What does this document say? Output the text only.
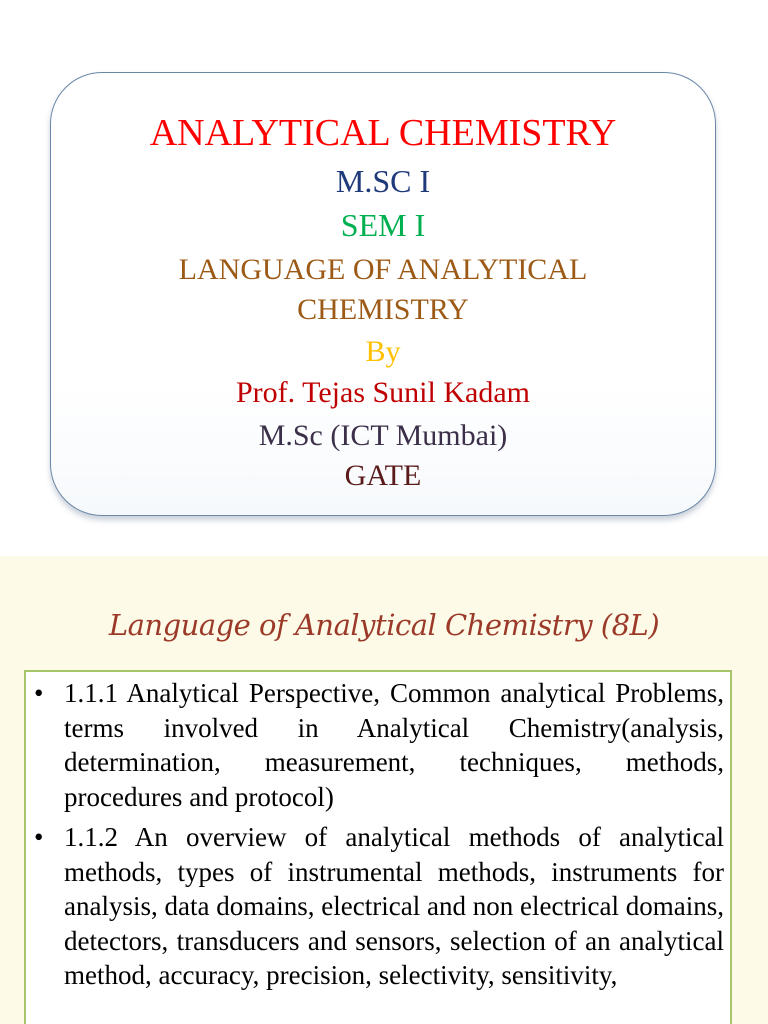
ANALYTICAL CHEMISTRY
M.SC I
SEM I
LANGUAGE OF ANALYTICAL
CHEMISTRY
By
Prof. Tejas Sunil Kadam
M.Sc (ICT Mumbai)
GATE
Language of Analytical Chemistry (8L)
• 1.1.1 Analytical Perspective, Common analytical Problems, terms involved in Analytical Chemistry(analysis, determination, measurement, techniques, methods, procedures and protocol)
• 1.1.2 An overview of analytical methods of analytical methods, types of instrumental methods, instruments for analysis, data domains, electrical and non electrical domains, detectors, transducers and sensors, selection of an analytical method, accuracy, precision, selectivity, sensitivity,
